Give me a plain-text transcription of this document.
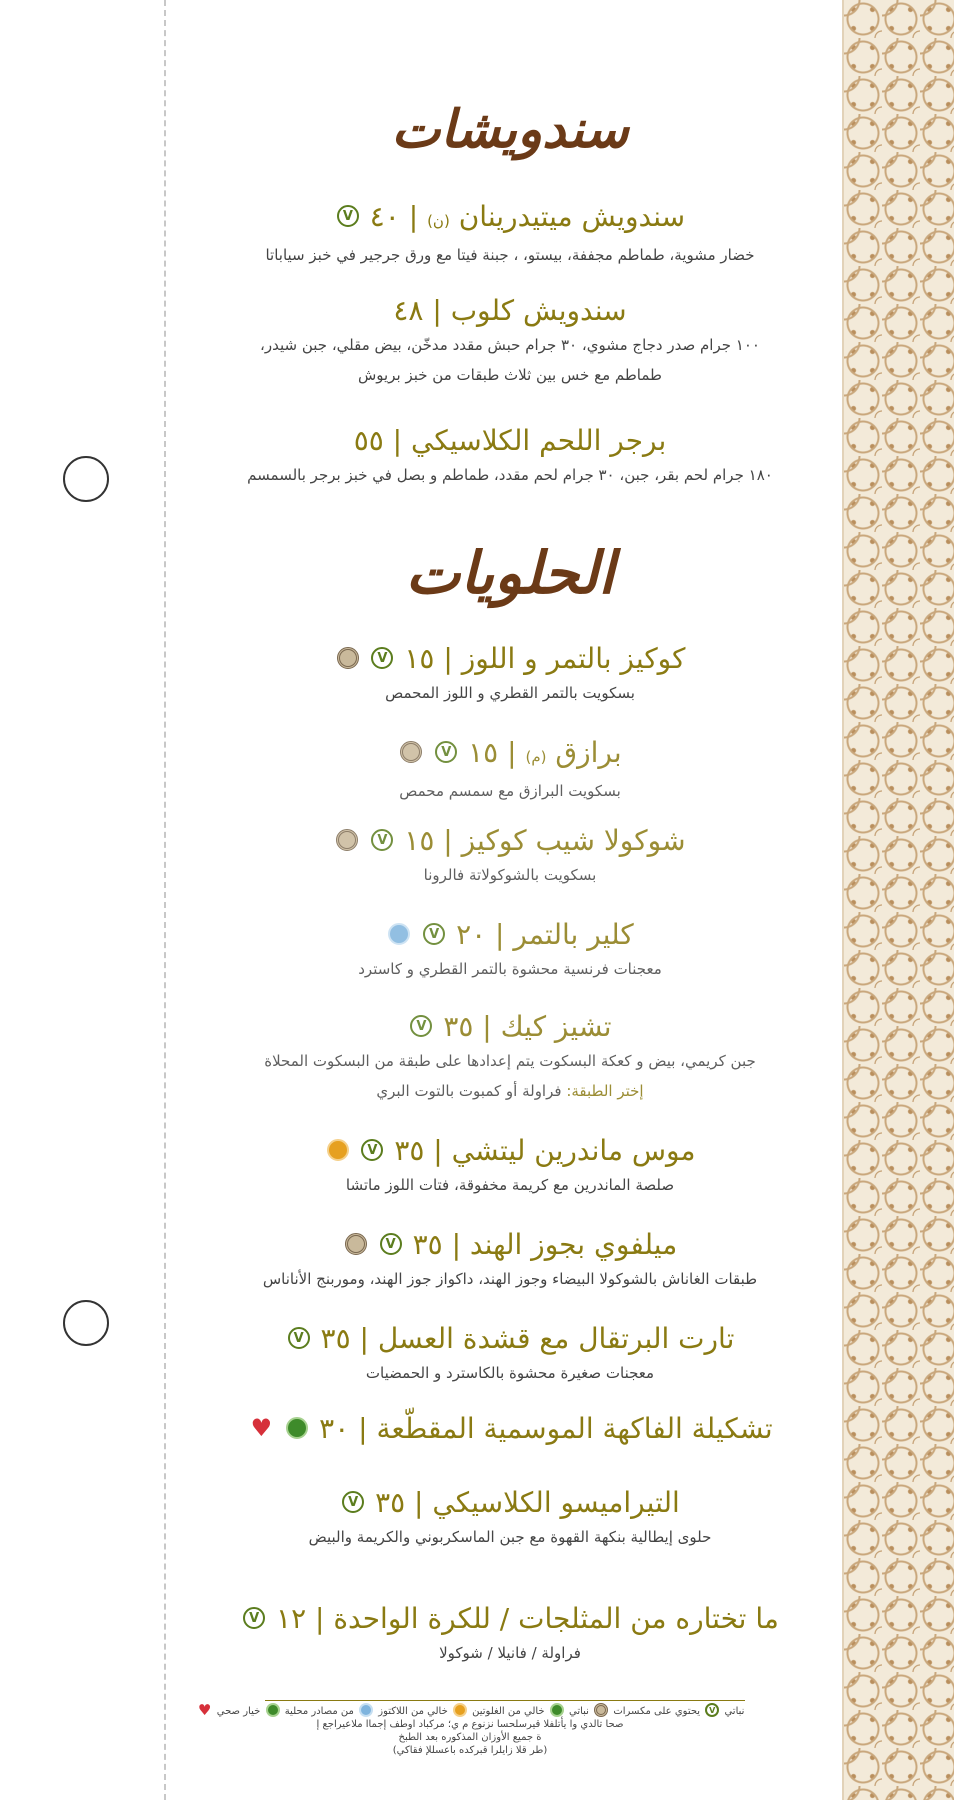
سندويشات
سندويش ميتيدرينان (ن) | ٤٠ V
خضار مشوية، طماطم مجففة، بيستو، ، جبنة فيتا مع ورق جرجير في خبز سياباتا
سندويش كلوب | ٤٨
١٠٠ جرام صدر دجاج مشوي، ٣٠ جرام حبش مقدد مدخّن، بيض مقلي، جبن شيدر،
طماطم مع خس بين ثلاث طبقات من خبز بريوش
برجر اللحم الكلاسيكي | ٥٥
١٨٠ جرام لحم بقر، جبن، ٣٠ جرام لحم مقدد، طماطم و بصل في خبز برجر بالسمسم
الحلويات
كوكيز بالتمر و اللوز | ١٥ V
بسكويت بالتمر القطري و اللوز المحمص
برازق (م) | ١٥ V
بسكويت البرازق مع سمسم محمص
شوكولا شيب كوكيز | ١٥ V
بسكويت بالشوكولاتة فالرونا
كلير بالتمر | ٢٠ V
معجنات فرنسية محشوة بالتمر القطري و كاسترد
تشيز كيك | ٣٥ V
جبن كريمي، بيض و كعكة البسكوت يتم إعدادها على طبقة من البسكوت المحلاة
إختر الطبقة: فراولة أو كمبوت بالتوت البري
موس ماندرين ليتشي | ٣٥ V
صلصة الماندرين مع كريمة مخفوقة، فتات اللوز ماتشا
ميلفوي بجوز الهند | ٣٥ V
طبقات الغاناش بالشوكولا البيضاء وجوز الهند، داكواز جوز الهند، وموربنج الأناناس
تارت البرتقال مع قشدة العسل | ٣٥ V
معجنات صغيرة محشوة بالكاسترد و الحمضيات
تشكيلة الفاكهة الموسمية المقطّعة | ٣٠  ♥
التيراميسو الكلاسيكي | ٣٥ V
حلوى إيطالية بنكهة القهوة مع جبن الماسكربوني والكريمة والبيض
ما تختاره من المثلجات / للكرة الواحدة | ١٢ V
فراولة / فانيلا / شوكولا
نباتي V يحتوي على مكسرات  نباتي  خالي من الغلوتين  خالي من اللاكتوز  من مصادر محلية  خيار صحي ♥
صحا تالدي وا يأتلفلا قيرسلحسا نزنوع م ي؛ مركباد اوطف إجماا ملاعيراجع إ
ة جميع الأوزان المذكوره بعد الطبخ
(طر قلا زايلرا قبركده باعسللإ فقاكي)
